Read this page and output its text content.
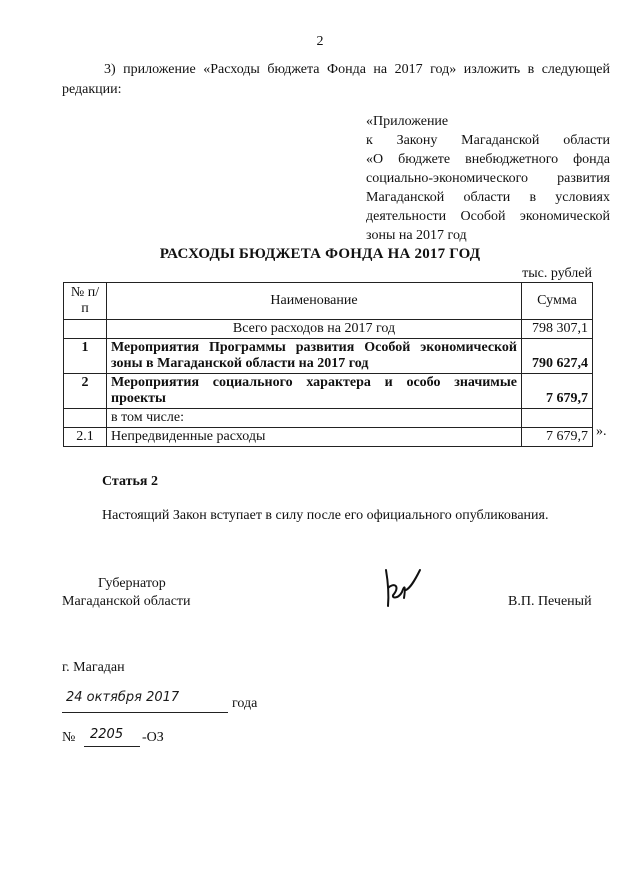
2
3) приложение «Расходы бюджета Фонда на 2017 год» изложить в следующей редакции:
«Приложение
к Закону Магаданской области
«О бюджете внебюджетного фонда
социально-экономического развития
Магаданской области в условиях
деятельности Особой экономической
зоны на 2017 год
РАСХОДЫ БЮДЖЕТА ФОНДА НА 2017 ГОД
тыс. рублей
№ п/п	Наименование	Сумма
	Всего расходов на 2017 год	798 307,1
1	Мероприятия Программы развития Особой экономической зоны в Магаданской области на 2017 год	790 627,4
2	Мероприятия социального характера и особо значимые проекты	7 679,7
	в том числе:	
2.1	Непредвиденные расходы	7 679,7 ».
Статья 2
Настоящий Закон вступает в силу после его официального опубликования.
Губернатор
Магаданской области	В.П. Печеный
г. Магадан
24 октября 2017	года
№ 2205 -ОЗ
